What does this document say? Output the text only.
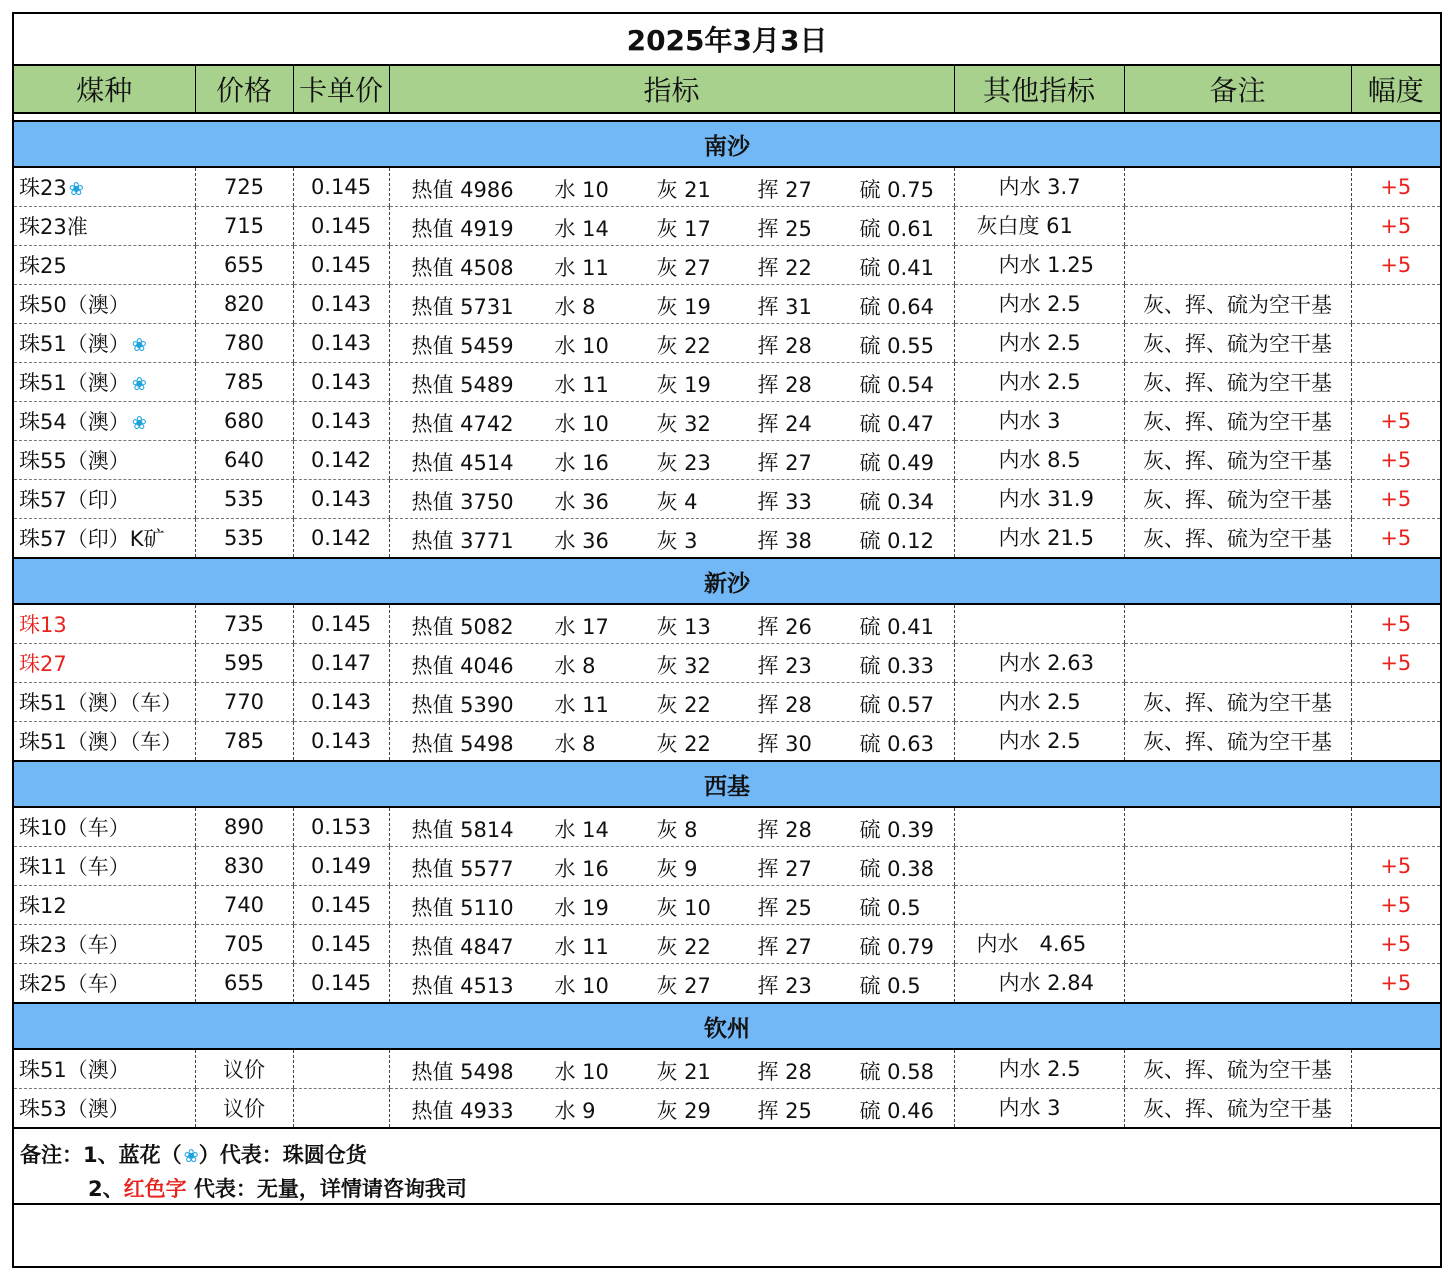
2025年3月3日						
煤种	价格	卡单价	指标	其他指标	备注	幅度

南沙						
珠23 ❀	725	0.145	热值 4986 水 10 灰 21 挥 27 硫 0.75	内水 3.7		+5
珠23准	715	0.145	热值 4919 水 14 灰 17 挥 25 硫 0.61	灰白度 61		+5
珠25	655	0.145	热值 4508 水 11 灰 27 挥 22 硫 0.41	内水 1.25		+5
珠50（澳）	820	0.143	热值 5731 水 8 灰 19 挥 31 硫 0.64	内水 2.5	灰、挥、硫为空干基	
珠51（澳） ❀	780	0.143	热值 5459 水 10 灰 22 挥 28 硫 0.55	内水 2.5	灰、挥、硫为空干基	
珠51（澳） ❀	785	0.143	热值 5489 水 11 灰 19 挥 28 硫 0.54	内水 2.5	灰、挥、硫为空干基	
珠54（澳） ❀	680	0.143	热值 4742 水 10 灰 32 挥 24 硫 0.47	内水 3	灰、挥、硫为空干基	+5
珠55（澳）	640	0.142	热值 4514 水 16 灰 23 挥 27 硫 0.49	内水 8.5	灰、挥、硫为空干基	+5
珠57（印）	535	0.143	热值 3750 水 36 灰 4 挥 33 硫 0.34	内水 31.9	灰、挥、硫为空干基	+5
珠57（印）K矿	535	0.142	热值 3771 水 36 灰 3 挥 38 硫 0.12	内水 21.5	灰、挥、硫为空干基	+5
新沙						
珠13	735	0.145	热值 5082 水 17 灰 13 挥 26 硫 0.41			+5
珠27	595	0.147	热值 4046 水 8 灰 32 挥 23 硫 0.33	内水 2.63		+5
珠51（澳）（车）	770	0.143	热值 5390 水 11 灰 22 挥 28 硫 0.57	内水 2.5	灰、挥、硫为空干基	
珠51（澳）（车）	785	0.143	热值 5498 水 8 灰 22 挥 30 硫 0.63	内水 2.5	灰、挥、硫为空干基	
西基						
珠10（车）	890	0.153	热值 5814 水 14 灰 8 挥 28 硫 0.39			

珠11（车）	830	0.149	热值 5577 水 16 灰 9 挥 27 硫 0.38			+5
珠12	740	0.145	热值 5110 水 19 灰 10 挥 25 硫 0.5			+5
珠23（车）	705	0.145	热值 4847 水 11 灰 22 挥 27 硫 0.79	内水　4.65		+5
珠25（车）	655	0.145	热值 4513 水 10 灰 27 挥 23 硫 0.5	内水 2.84		+5
钦州						
珠51（澳）	议价		热值 5498 水 10 灰 21 挥 28 硫 0.58	内水 2.5	灰、挥、硫为空干基	
珠53（澳）	议价		热值 4933 水 9 灰 29 挥 25 硫 0.46	内水 3	灰、挥、硫为空干基	
备注：1、蓝花（ ❀）代表：珠圆仓货
2、红色字 代表：无量，详情请咨询我司
